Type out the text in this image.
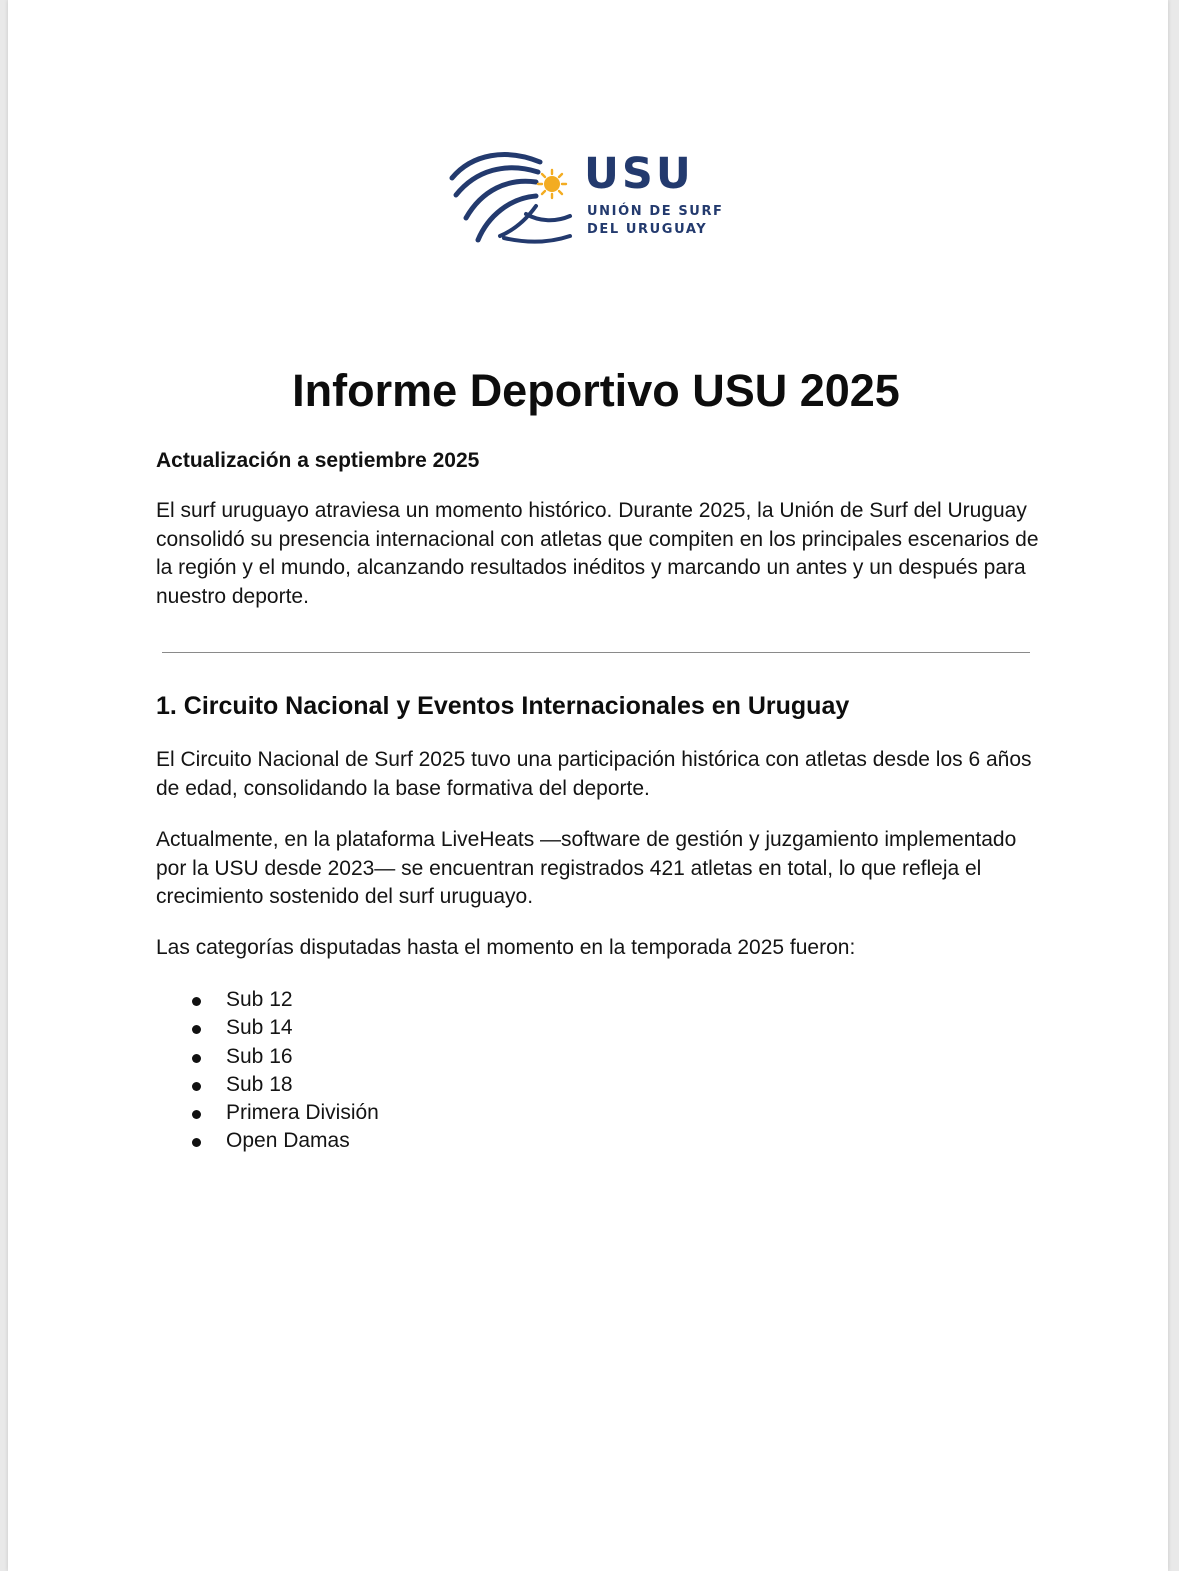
USU
UNIÓN DE SURF
DEL URUGUAY
Informe Deportivo USU 2025

Actualización a septiembre 2025

El surf uruguayo atraviesa un momento histórico. Durante 2025, la Unión de Surf del Uruguay consolidó su presencia internacional con atletas que compiten en los principales escenarios de la región y el mundo, alcanzando resultados inéditos y marcando un antes y un después para nuestro deporte.

1. Circuito Nacional y Eventos Internacionales en Uruguay

El Circuito Nacional de Surf 2025 tuvo una participación histórica con atletas desde los 6 años de edad, consolidando la base formativa del deporte.

Actualmente, en la plataforma LiveHeats —software de gestión y juzgamiento implementado por la USU desde 2023— se encuentran registrados 421 atletas en total, lo que refleja el crecimiento sostenido del surf uruguayo.

Las categorías disputadas hasta el momento en la temporada 2025 fueron:

Sub 12
Sub 14
Sub 16
Sub 18
Primera División
Open Damas
